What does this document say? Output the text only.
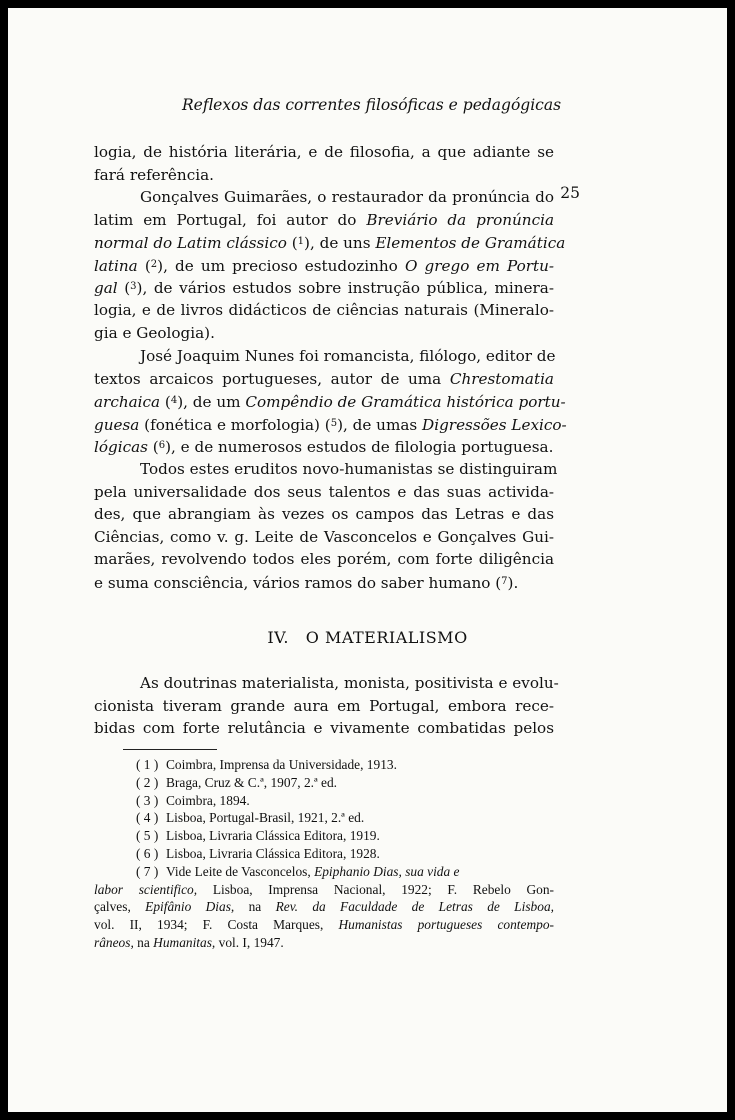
Reflexos das correntes filosóficas e pedagógicas
25
logia, de história literária, e de filosofia, a que adiante se
fará referência.
Gonçalves Guimarães, o restaurador da pronúncia do
latim em Portugal, foi autor do Breviário da pronúncia
normal do Latim clássico ($^1$), de uns Elementos de Gramática
latina ($^2$), de um precioso estudozinho O grego em Portu-
gal ($^3$), de vários estudos sobre instrução pública, minera-
logia, e de livros didácticos de ciências naturais (Mineralo-
gia e Geologia).
José Joaquim Nunes foi romancista, filólogo, editor de
textos arcaicos portugueses, autor de uma Chrestomatia
archaica ($^4$), de um Compêndio de Gramática histórica portu-
guesa (fonética e morfologia) ($^5$), de umas Digressões Lexico-
lógicas ($^6$), e de numerosos estudos de filologia portuguesa.
Todos estes eruditos novo-humanistas se distinguiram
pela universalidade dos seus talentos e das suas activida-
des, que abrangiam às vezes os campos das Letras e das
Ciências, como v. g. Leite de Vasconcelos e Gonçalves Gui-
marães, revolvendo todos eles porém, com forte diligência
e suma consciência, vários ramos do saber humano ($^7$).
IV.   O MATERIALISMO
As doutrinas materialista, monista, positivista e evolu-
cionista tiveram grande aura em Portugal, embora rece-
bidas com forte relutância e vivamente combatidas pelos
( 1 ) Coimbra, Imprensa da Universidade, 1913.
( 2 ) Braga, Cruz & C.ª, 1907, 2.ª ed.
( 3 ) Coimbra, 1894.
( 4 ) Lisboa, Portugal-Brasil, 1921, 2.ª ed.
( 5 ) Lisboa, Livraria Clássica Editora, 1919.
( 6 ) Lisboa, Livraria Clássica Editora, 1928.
( 7 ) Vide Leite de Vasconcelos, Epiphanio Dias, sua vida e
labor scientifico, Lisboa, Imprensa Nacional, 1922; F. Rebelo Gon-
çalves, Epifânio Dias, na Rev. da Faculdade de Letras de Lisboa,
vol. II, 1934; F. Costa Marques, Humanistas portugueses contempo-
râneos, na Humanitas, vol. I, 1947.
